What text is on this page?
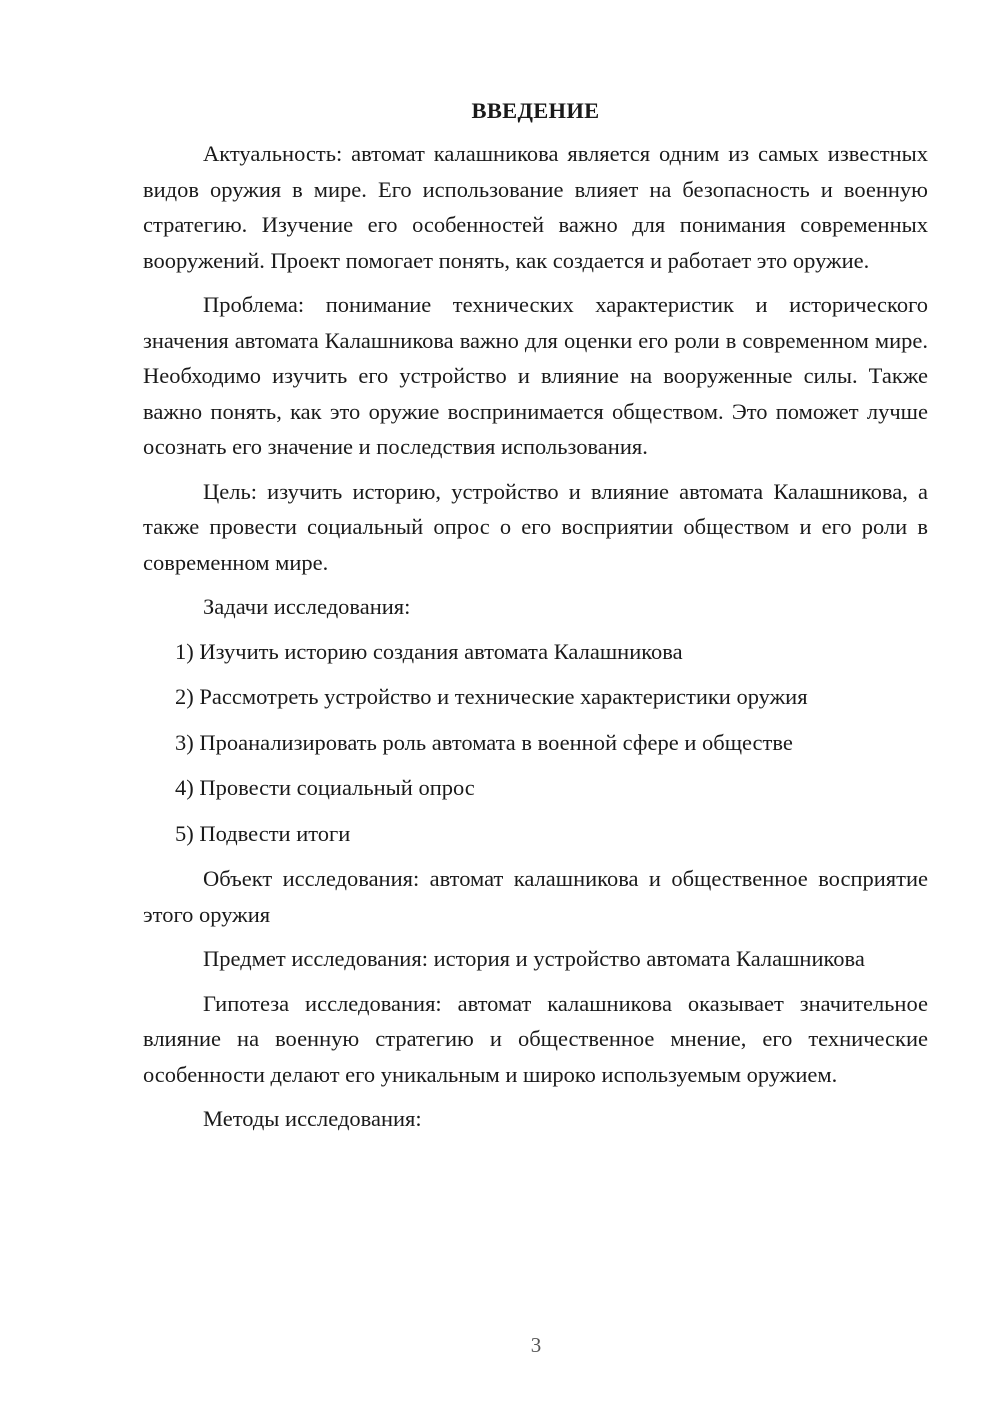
ВВЕДЕНИЕ

Актуальность: автомат калашникова является одним из самых известных видов оружия в мире. Его использование влияет на безопасность и военную стратегию. Изучение его особенностей важно для понимания современных вооружений. Проект помогает понять, как создается и работает это оружие.

Проблема: понимание технических характеристик и исторического значения автомата Калашникова важно для оценки его роли в современном мире. Необходимо изучить его устройство и влияние на вооруженные силы. Также важно понять, как это оружие воспринимается обществом. Это поможет лучше осознать его значение и последствия использования.

Цель: изучить историю, устройство и влияние автомата Калашникова, а также провести социальный опрос о его восприятии обществом и его роли в современном мире.

Задачи исследования:

1) Изучить историю создания автомата Калашникова
2) Рассмотреть устройство и технические характеристики оружия
3) Проанализировать роль автомата в военной сфере и обществе
4) Провести социальный опрос
5) Подвести итоги

Объект исследования: автомат калашникова и общественное восприятие этого оружия

Предмет исследования: история и устройство автомата Калашникова

Гипотеза исследования: автомат калашникова оказывает значительное влияние на военную стратегию и общественное мнение, его технические особенности делают его уникальным и широко используемым оружием.

Методы исследования:

3
